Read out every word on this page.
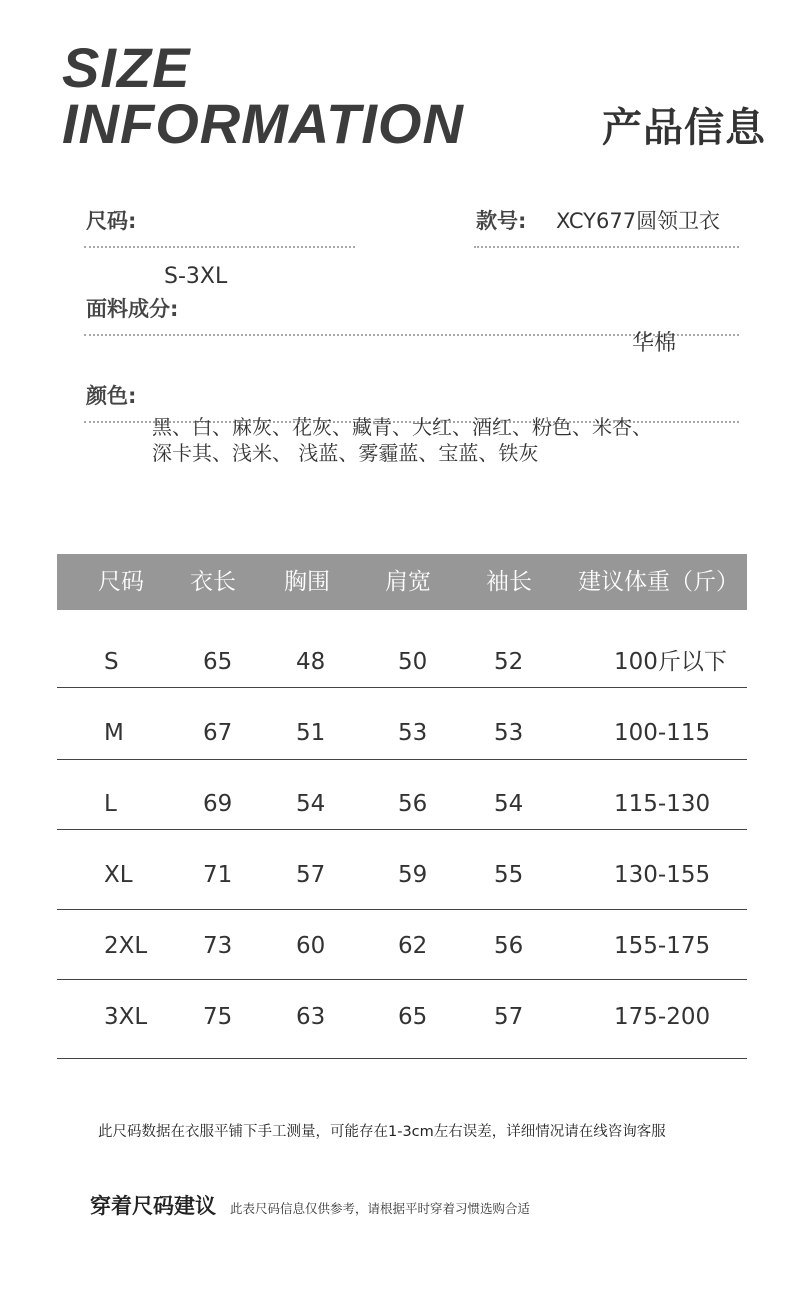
SIZE
INFORMATION	产品信息
尺码:
S-3XL
款号: XCY677圆领卫衣
面料成分:
华棉
颜色:
黑、白、麻灰、花灰、藏青、大红、酒红、粉色、米杏、
深卡其、浅米、 浅蓝、雾霾蓝、宝蓝、铁灰
尺码 衣长 胸围 肩宽 袖长 建议体重（斤）
S	65	48	50	52	100斤以下
M	67	51	53	53	100-115
L	69	54	56	54	115-130
XL	71	57	59	55	130-155
2XL 73	60	62	56	155-175
3XL 75	63	65	57	175-200
此尺码数据在衣服平铺下手工测量，可能存在1-3cm左右误差，详细情况请在线咨询客服
穿着尺码建议 此表尺码信息仅供参考，请根据平时穿着习惯选购合适
